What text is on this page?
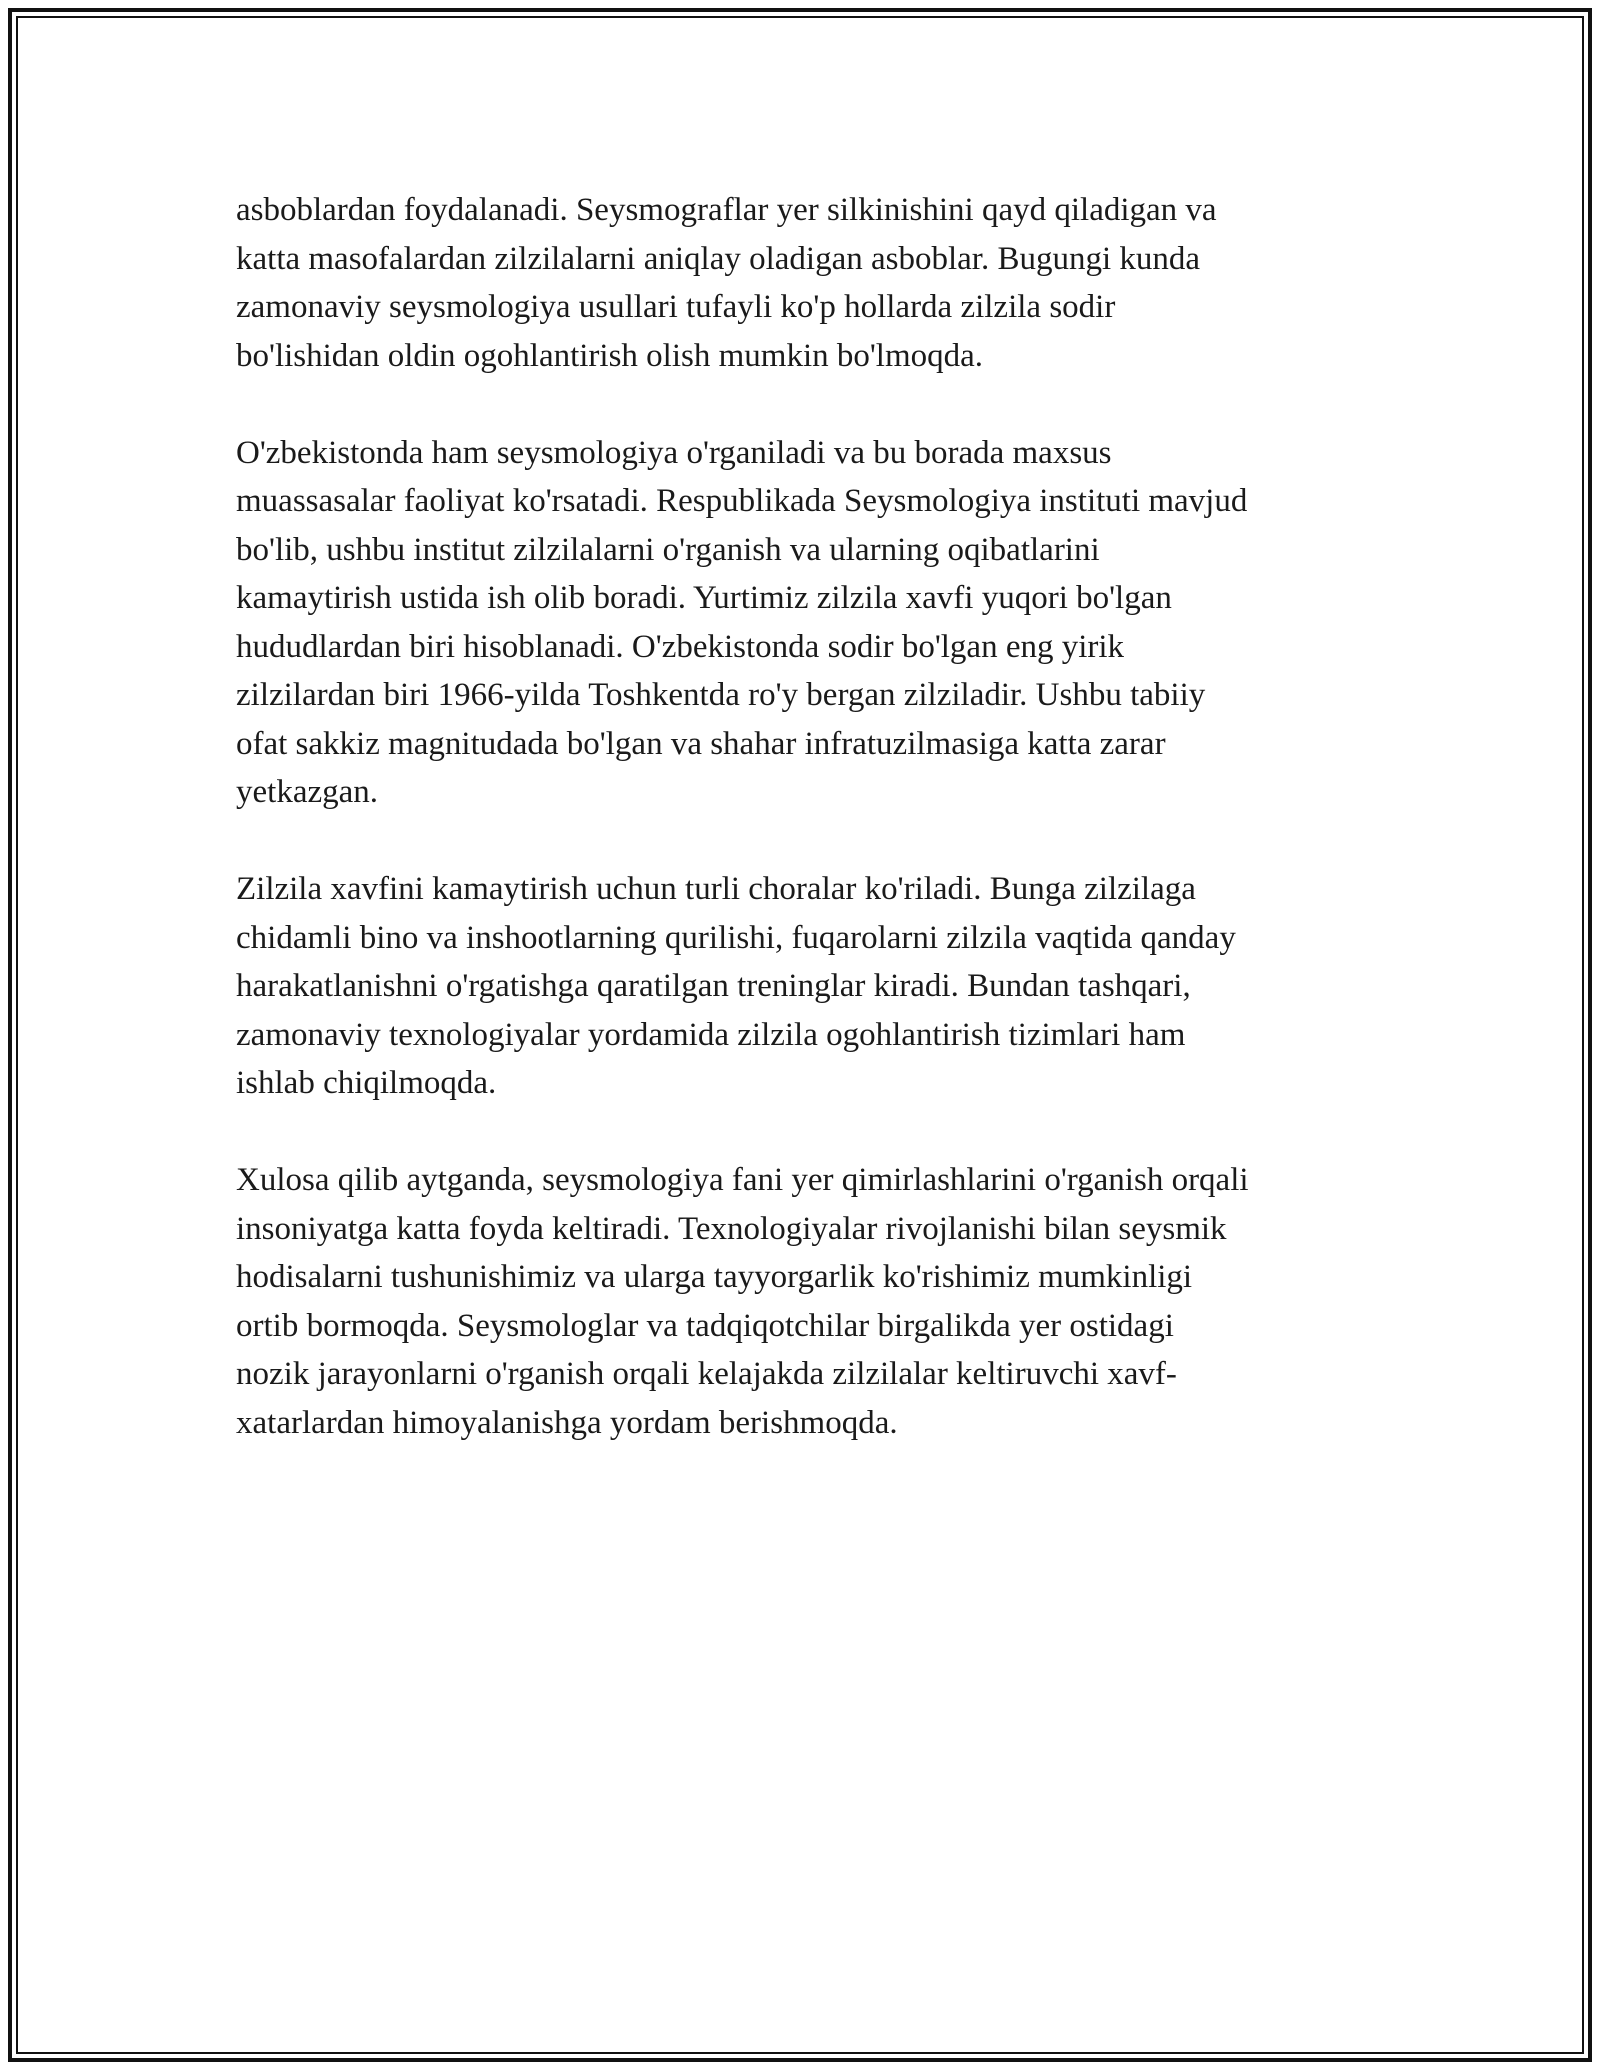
asboblardan foydalanadi. Seysmograflar yer silkinishini qayd qiladigan va
katta masofalardan zilzilalarni aniqlay oladigan asboblar. Bugungi kunda
zamonaviy seysmologiya usullari tufayli ko'p hollarda zilzila sodir
bo'lishidan oldin ogohlantirish olish mumkin bo'lmoqda.
O'zbekistonda ham seysmologiya o'rganiladi va bu borada maxsus
muassasalar faoliyat ko'rsatadi. Respublikada Seysmologiya instituti mavjud
bo'lib, ushbu institut zilzilalarni o'rganish va ularning oqibatlarini
kamaytirish ustida ish olib boradi. Yurtimiz zilzila xavfi yuqori bo'lgan
hududlardan biri hisoblanadi. O'zbekistonda sodir bo'lgan eng yirik
zilzilardan biri 1966-yilda Toshkentda ro'y bergan zilziladir. Ushbu tabiiy
ofat sakkiz magnitudada bo'lgan va shahar infratuzilmasiga katta zarar
yetkazgan.
Zilzila xavfini kamaytirish uchun turli choralar ko'riladi. Bunga zilzilaga
chidamli bino va inshootlarning qurilishi, fuqarolarni zilzila vaqtida qanday
harakatlanishni o'rgatishga qaratilgan treninglar kiradi. Bundan tashqari,
zamonaviy texnologiyalar yordamida zilzila ogohlantirish tizimlari ham
ishlab chiqilmoqda.
Xulosa qilib aytganda, seysmologiya fani yer qimirlashlarini o'rganish orqali
insoniyatga katta foyda keltiradi. Texnologiyalar rivojlanishi bilan seysmik
hodisalarni tushunishimiz va ularga tayyorgarlik ko'rishimiz mumkinligi
ortib bormoqda. Seysmologlar va tadqiqotchilar birgalikda yer ostidagi
nozik jarayonlarni o'rganish orqali kelajakda zilzilalar keltiruvchi xavf-
xatarlardan himoyalanishga yordam berishmoqda.
